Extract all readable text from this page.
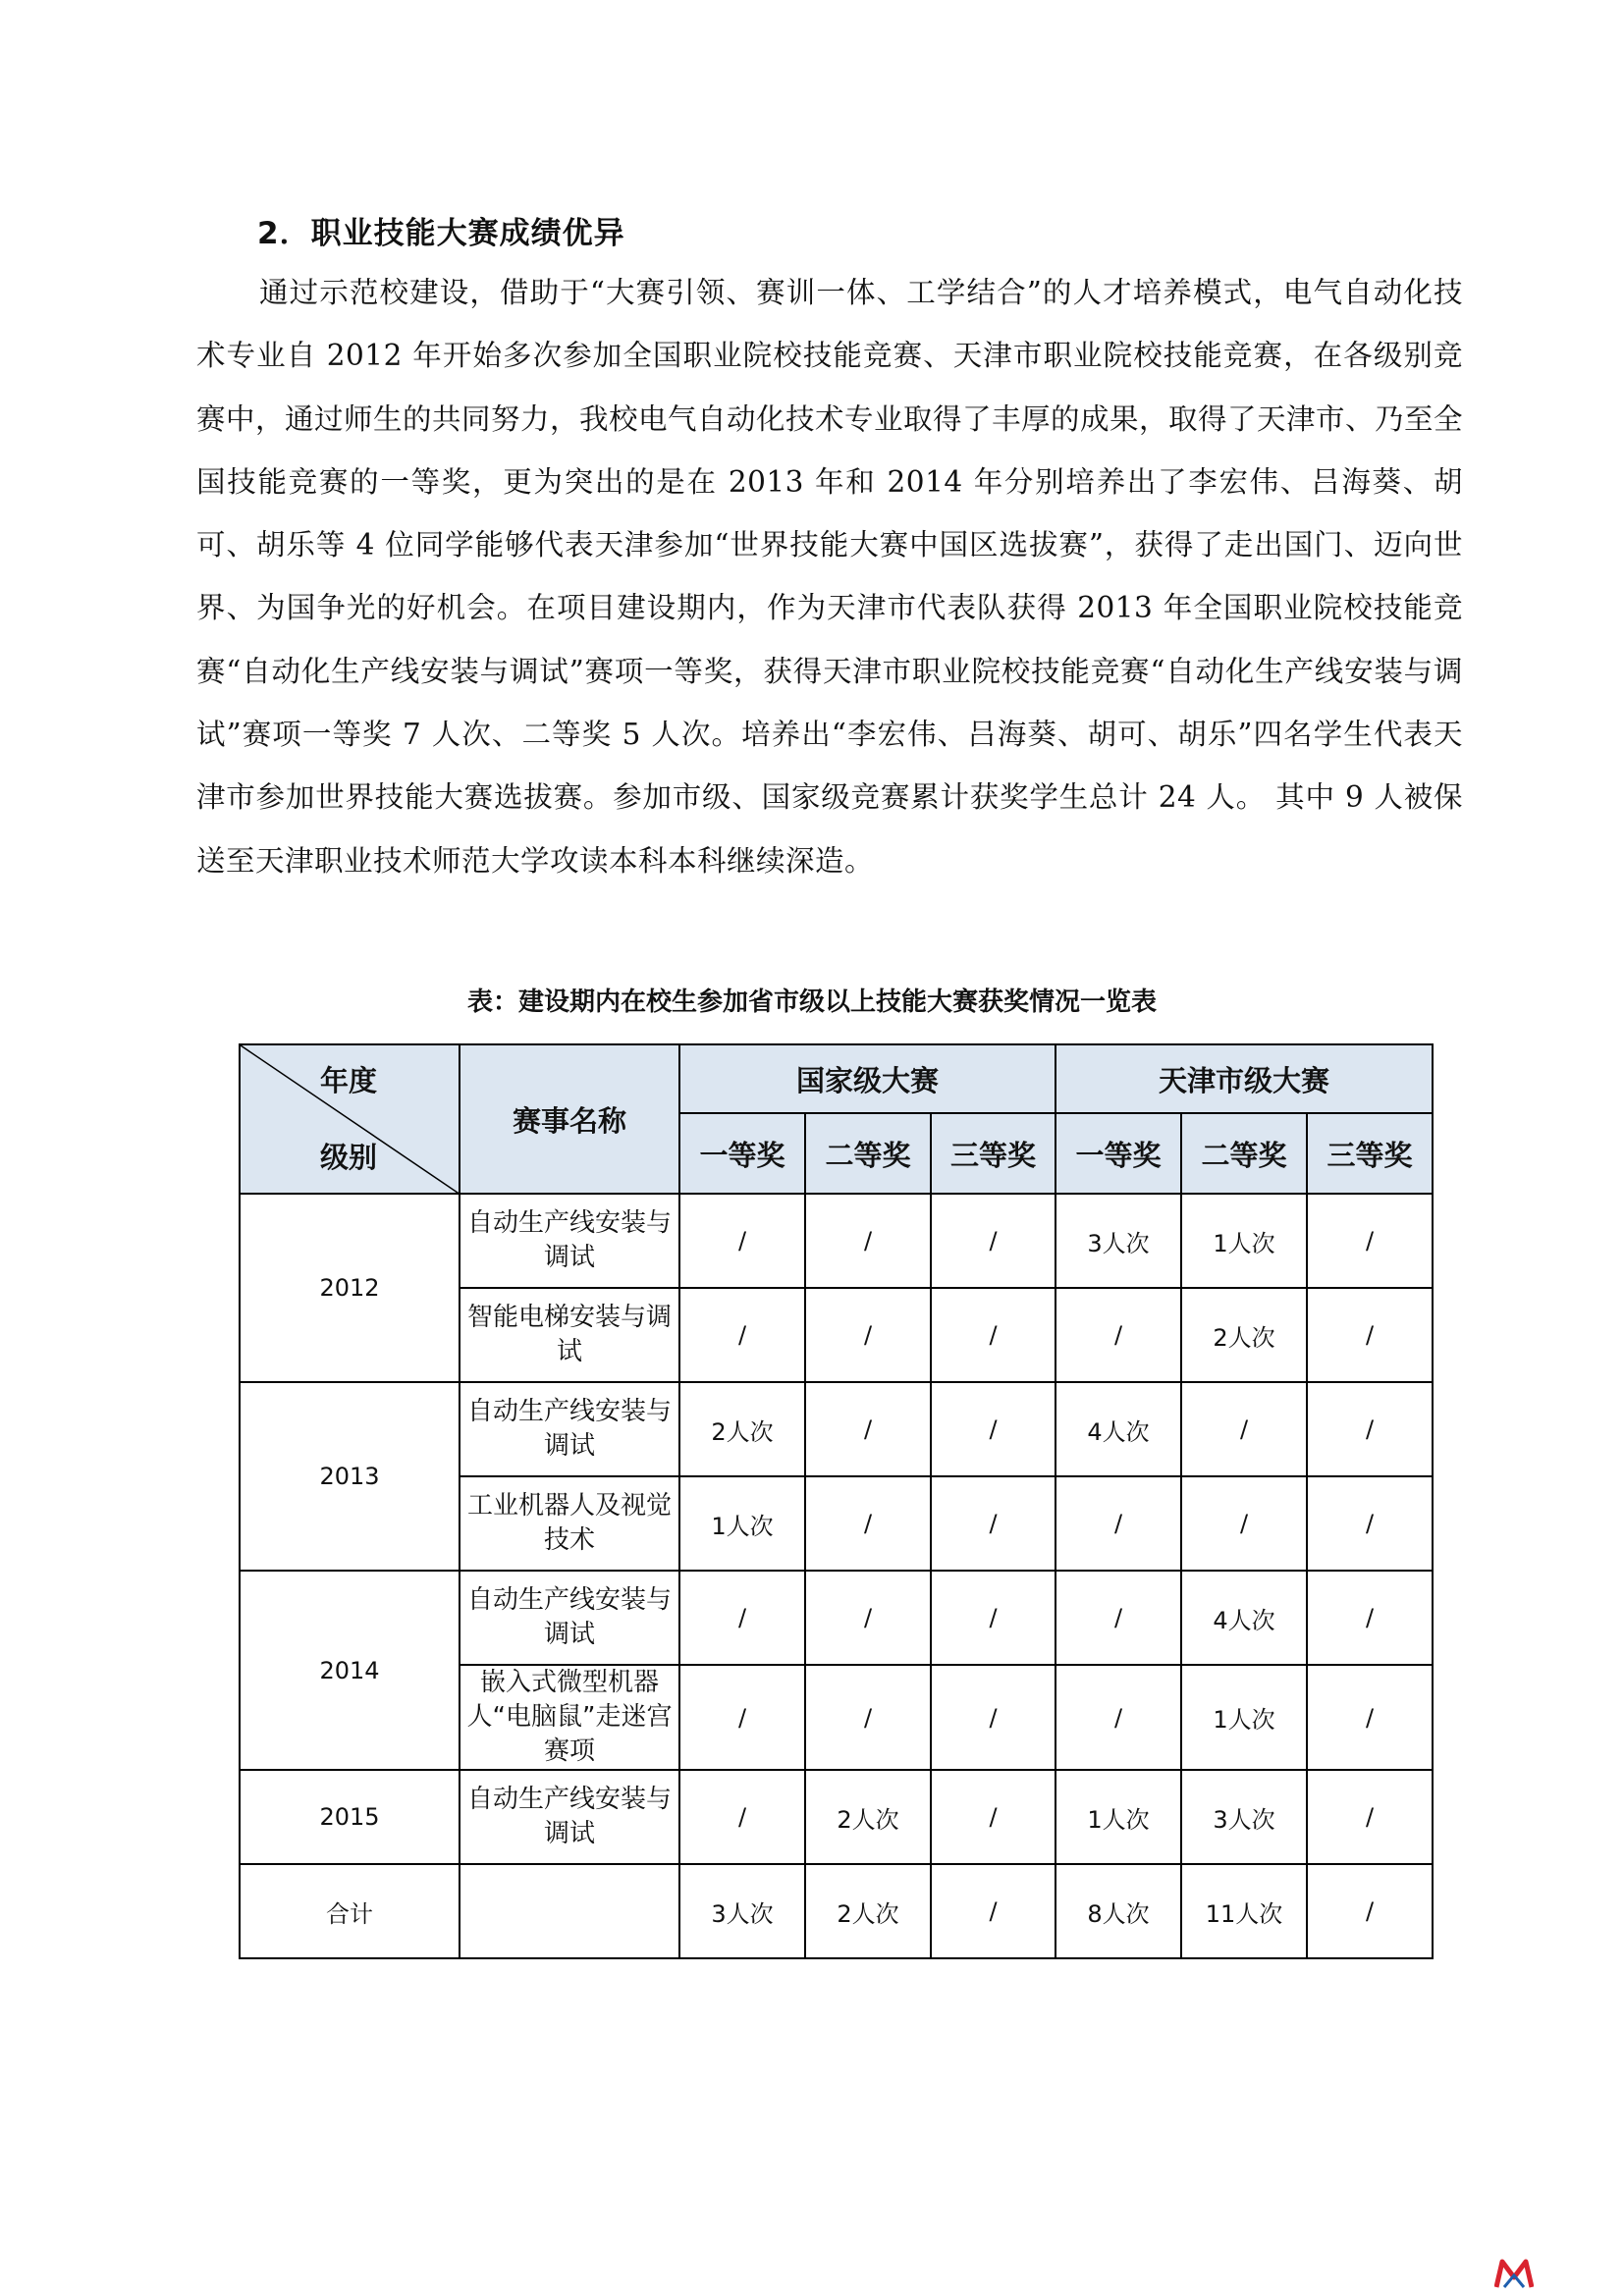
2．职业技能大赛成绩优异
通过示范校建设，借助于“大赛引领、赛训一体、工学结合”的人才培养模式，电气自动化技术专业自 2012 年开始多次参加全国职业院校技能竞赛、天津市职业院校技能竞赛，在各级别竞赛中，通过师生的共同努力，我校电气自动化技术专业取得了丰厚的成果，取得了天津市、乃至全国技能竞赛的一等奖，更为突出的是在 2013 年和 2014 年分别培养出了李宏伟、吕海葵、胡可、胡乐等 4 位同学能够代表天津参加“世界技能大赛中国区选拔赛”，获得了走出国门、迈向世界、为国争光的好机会。在项目建设期内，作为天津市代表队获得 2013 年全国职业院校技能竞赛“自动化生产线安装与调试”赛项一等奖，获得天津市职业院校技能竞赛“自动化生产线安装与调试”赛项一等奖 7 人次、二等奖 5 人次。培养出“李宏伟、吕海葵、胡可、胡乐”四名学生代表天津市参加世界技能大赛选拔赛。参加市级、国家级竞赛累计获奖学生总计 24 人。 其中 9 人被保送至天津职业技术师范大学攻读本科本科继续深造。
表：建设期内在校生参加省市级以上技能大赛获奖情况一览表
年度
级别	赛事名称	国家级大赛			天津市级大赛		
		一等奖	二等奖	三等奖	一等奖	二等奖	三等奖
2012	自动生产线安装与调试	/	/	/	3人次	1人次	/
	智能电梯安装与调试	/	/	/	/	2人次	/
2013	自动生产线安装与调试	2人次	/	/	4人次	/	/
	工业机器人及视觉技术	1人次	/	/	/	/	/
2014	自动生产线安装与调试	/	/	/	/	4人次	/
	嵌入式微型机器人“电脑鼠”走迷宫赛项	/	/	/	/	1人次	/
2015	自动生产线安装与调试	/	2人次	/	1人次	3人次	/
合计		3人次	2人次	/	8人次	11人次	/
